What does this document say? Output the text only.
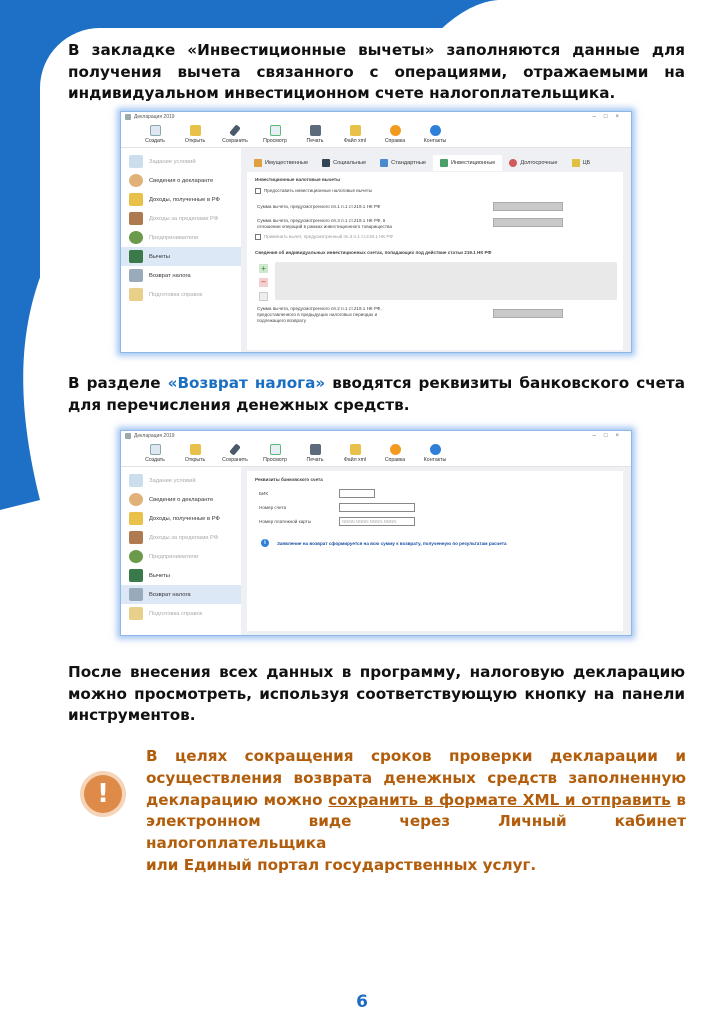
В закладке «Инвестиционные вычеты» заполняются данные для
получения вычета связанного с операциями, отражаемыми на
индивидуальном инвестиционном счете налогоплательщика.
Декларация 2019	–□×
Создать	Открыть	Сохранить	Просмотр	Печать	Файл xml	Справка	Контакты
Задание условий
Сведения о декларанте
Доходы, полученные в РФ
Доходы за пределами РФ
Предприниматели
Вычеты
Возврат налога
Подготовка справок
Имущественные	Социальные	Стандартные	Инвестиционные	Долгосрочные	ЦБ
Инвестиционные налоговые вычеты
Предоставить инвестиционные налоговые вычеты
Сумма вычета, предусмотренного пп.1 п.1 ст.219.1 НК РФ
Сумма вычета, предусмотренного пп.3 п.1 ст.219.1 НК РФ, в
отношении операций в рамках инвестиционного товарищества
Применить вычет, предусмотренный пп.3 п.1 ст.219.1 НК РФ
Сведения об индивидуальных инвестиционных счетах, попадающих под действие статьи 219.1 НК РФ
+
–
Сумма вычета, предусмотренного пп.2 п.1 ст.219.1 НК РФ,
предоставленного в предыдущих налоговых периодах и
подлежащего возврату
В разделе «Возврат налога» вводятся реквизиты банковского счета
для перечисления денежных средств.
Декларация 2019	–□×
Создать	Открыть	Сохранить	Просмотр	Печать	Файл xml	Справка	Контакты
Задание условий
Сведения о декларанте
Доходы, полученные в РФ
Доходы за пределами РФ
Предприниматели
Вычеты
Возврат налога
Подготовка справок
Реквизиты банковского счета
БИК
Номер счета
Номер платежной карты	NNNN NNNN NNNN NNNN
i	Заявление на возврат сформируется на всю сумму к возврату, полученную по результатам расчета
После внесения всех данных в программу, налоговую декларацию
можно просмотреть, используя соответствующую кнопку на панели
инструментов.
!
В целях сокращения сроков проверки декларации и
осуществления возврата денежных средств заполненную
декларацию можно сохранить в формате XML и отправить в
электронном виде через Личный кабинет налогоплательщика
или Единый портал государственных услуг.
6
